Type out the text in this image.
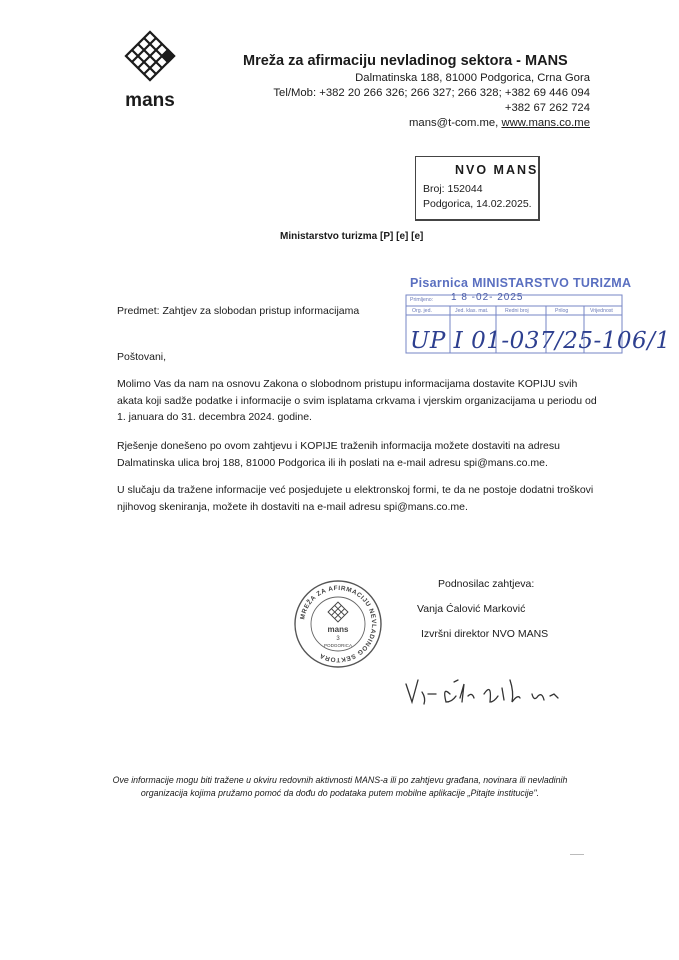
mans
Mreža za afirmaciju nevladinog sektora - MANS
Dalmatinska 188, 81000 Podgorica, Crna Gora
Tel/Mob: +382 20 266 326; 266 327; 266 328; +382 69 446 094
+382 67 262 724
mans@t-com.me, www.mans.co.me
NVO MANS
Broj: 152044
Podgorica, 14.02.2025.
Ministarstvo turizma [P] [e] [e]
Pisarnica MINISTARSTVO TURIZMA
Primljeno: 1 8 -02- 2025
Org. jed.	Jed. klas. mat.	Redni broj	Prilog	Vrijednost
UP I 01-037/25-106/1
Predmet: Zahtjev za slobodan pristup informacijama
Poštovani,
Molimo Vas da nam na osnovu Zakona o slobodnom pristupu informacijama dostavite KOPIJU svih akata koji sadže podatke i informacije o svim isplatama crkvama i vjerskim organizacijama u periodu od 1. januara do 31. decembra 2024. godine.
Rješenje donešeno po ovom zahtjevu i KOPIJE traženih informacija možete dostaviti na adresu Dalmatinska ulica broj 188, 81000 Podgorica ili ih poslati na e-mail adresu spi@mans.co.me.
U slučaju da tražene informacije već posjedujete u elektronskoj formi, te da ne postoje dodatni troškovi njihovog skeniranja, možete ih dostaviti na e-mail adresu spi@mans.co.me.
Podnosilac zahtjeva:
Vanja Ćalović Marković
Izvršni direktor NVO MANS
MREŽA ZA AFIRMACIJU NEVLADINOG SEKTORA
mans
3
PODGORICA
Ove informacije mogu biti tražene u okviru redovnih aktivnosti MANS-a ili po zahtjevu građana, novinara ili nevladinih organizacija kojima pružamo pomoć da dođu do podataka putem mobilne aplikacije „Pitajte institucije".
